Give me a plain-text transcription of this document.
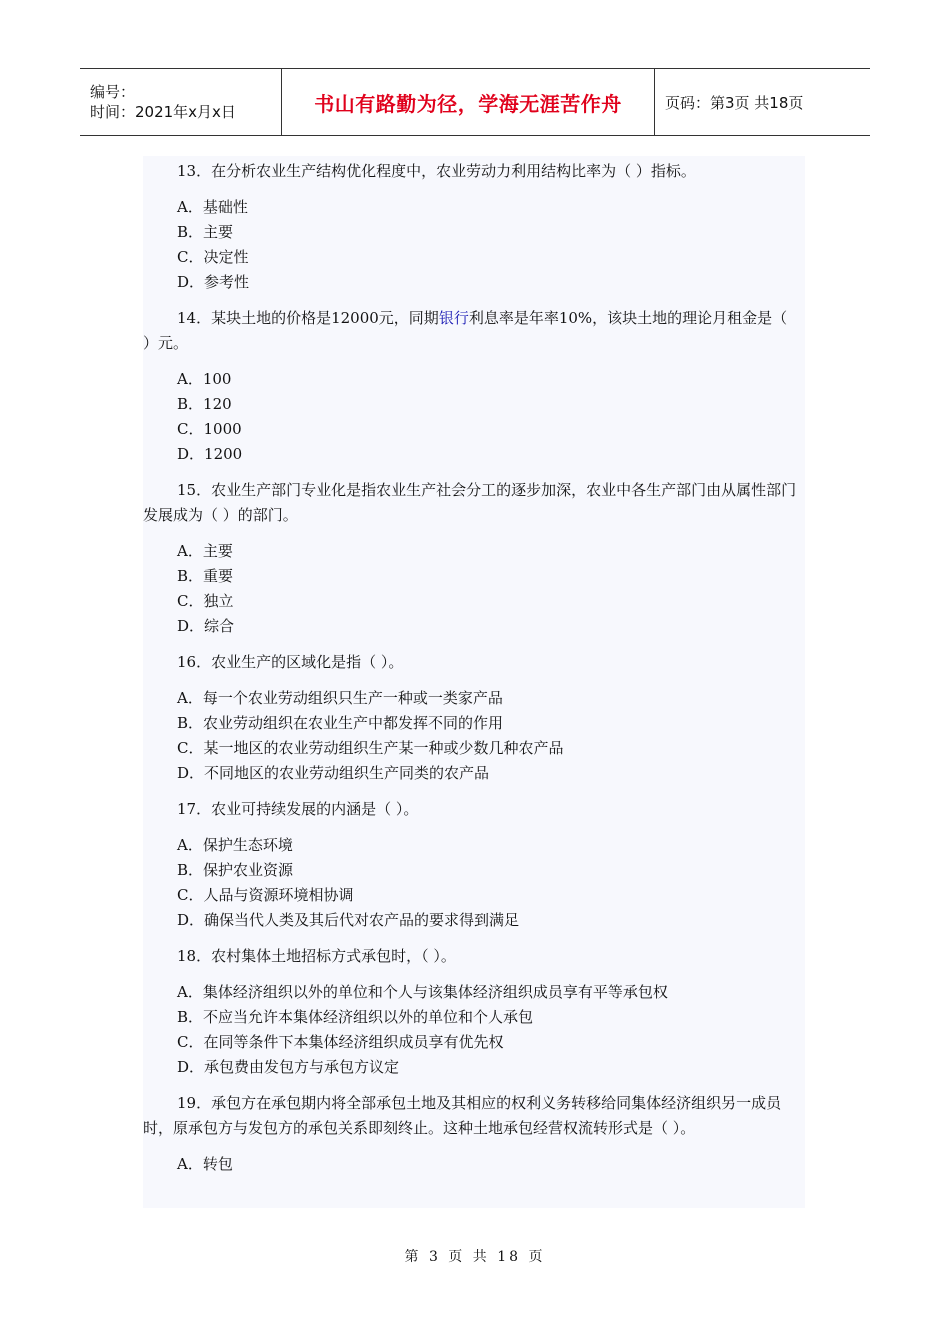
编号：
时间：2021年x月x日	书山有路勤为径，学海无涯苦作舟	页码：第3页 共18页

13．在分析农业生产结构优化程度中，农业劳动力利用结构比率为（ ）指标。

A．基础性

B．主要

C．决定性

D．参考性

14．某块土地的价格是12000元，同期银行利息率是年率10%，该块土地的理论月租金是（ ）元。

A．100

B．120

C．1000

D．1200

15．农业生产部门专业化是指农业生产社会分工的逐步加深，农业中各生产部门由从属性部门发展成为（ ）的部门。

A．主要

B．重要

C．独立

D．综合

16．农业生产的区域化是指（ ）。

A．每一个农业劳动组织只生产一种或一类家产品

B．农业劳动组织在农业生产中都发挥不同的作用

C．某一地区的农业劳动组织生产某一种或少数几种农产品

D．不同地区的农业劳动组织生产同类的农产品

17．农业可持续发展的内涵是（ ）。

A．保护生态环境

B．保护农业资源

C．人品与资源环境相协调

D．确保当代人类及其后代对农产品的要求得到满足

18．农村集体土地招标方式承包时，（ ）。

A．集体经济组织以外的单位和个人与该集体经济组织成员享有平等承包权

B．不应当允许本集体经济组织以外的单位和个人承包

C．在同等条件下本集体经济组织成员享有优先权

D．承包费由发包方与承包方议定

19．承包方在承包期内将全部承包土地及其相应的权利义务转移给同集体经济组织另一成员时，原承包方与发包方的承包关系即刻终止。这种土地承包经营权流转形式是（ ）。

A．转包

第 3 页 共 18 页
